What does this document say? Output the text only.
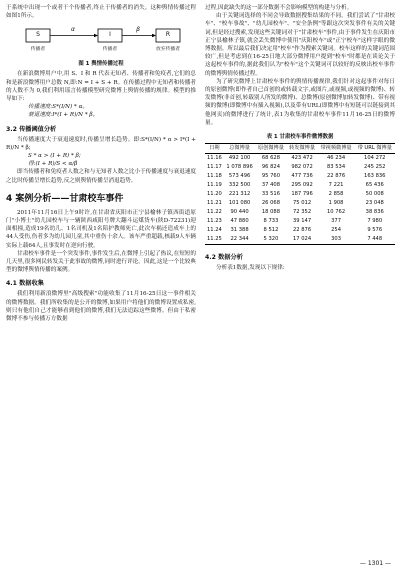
于系统中出现一个或者干个传播者,终止于传播者的消失。这种舆情传播过程如图1所示。

S	I	R
α	β
传播者	传播者	放弃传播者
图 1 舆情传播过程

在新浪微博用户中,用 S、I 和 R 代表无知者、传播者和免疫者,它们的总和是新浪微博用户总数 N,即:N = I + S + R。在传播过程中无知者和传播者的人数不为 0,我们利用谣言传播模型研究微博上舆情传播的规律。模型的推导如下:

传播速度:S*(I/N) * α。

衰退速度:I*(I + R)/N * β。

3.2 传播阈值分析

当传播速度大于衰退速度时,传播呈增长趋势。即:S*(I/N) * α > I*(I + R)/N * β;

S * α > (I + R) * β;

得:(I + R)/S < α/β

即当传播者和免疫者人数之和与无知者人数之比小于传播速度与衰退速度之比时传播呈增长趋势,反之则舆情传播呈消退趋势。

4 案例分析——甘肃校车事件

2011年11月16日上午9时许,在甘肃省庆阳市正宁县榆林子镇西街道原门"小博士"幼儿园校车与一辆陕西咸阳号牌大翻斗运煤货车(陕D-72231)迎面相撞,造成19名幼儿、1名司机及1名陪护教师死亡,此次车祸还造成车上的44人受伤,伤者多为幼儿园儿童,其中重伤十余人。该车严重超载,核载9人车辆实际上载64人,且事发时在逆向行驶。

甘肃校车事件是一个突发事件,事件发生后,在微博上引起了热议,在短短的几天里,很多网民转发关于此事故的微博,同时进行评论。因此,这是一个比较典型的微博舆情传播的案例。

4.1 数据收集

我们利用新浪微博里"高级搜索"功能收集了11月16-25日这一事件相关的微博数据。我们所收集的是公开的微博,如果用户将他们的微博设置成私密,则只有他们自己才能够看到他们的微博,我们无法追踪这些微博。但由于私密微博不参与传播万方数据

过程,因此缺失的这一部分数据不会影响模型的构建与分析。

由于关键词选择的不同会导致数据搜集结果的不同。我们尝试了"甘肃校车"、"校车事故"、"幼儿园校车"、"安全条例"等跟这次突发事件有关的关键词,但是经过搜索,发现这些关键词对于"甘肃校车"事件,由于事件发生在庆阳市正宁县榆林子镇,就会丢失微博中使用"庆阳校车"或"正宁校车"这样字眼的微博数据。所以最后我们决定用"校车"作为搜索关键词。校车这样的关键词范围较广,但是考虑到在16-25日地大部分微博用户提到"校车"时都是在谈论关于这起校车事件的,据此我们认为"校车"这个关键词可以较好的反映出校车事件的微博舆情传播过程。

为了研究微博上甘肃校车事件的舆情传播规律,我们针对这起事件对每日的原创微博(即作者自己首创的或转载文字,或图片,或视频,或视频的微博)、转发微博(非首创,转载别人所发的微博)、总微博(原创微博加转发微博)、带有视频的微博(即微博中有插入视频),以及带有URL(即微博中有短链可以链接到其他网页)的微博进行了统计,表1为收集的甘肃校车事件11月16-25日的微博量。

表 1 甘肃校车事件微博数据
日期	总微博量	原创微博量	转发微博量	带视频微博量	带 URL 微博量
11.16	492 100	68 628	423 472	46 234	104 272
11.17	1 078 896	96 824	982 072	83 534	245 252
11.18	573 496	95 760	477 736	22 876	163 836
11.19	332 500	37 408	295 092	7 221	65 436
11.20	221 312	33 516	187 796	2 858	50 008
11.21	101 080	26 068	75 012	1 908	23 048
11.22	90 440	18 088	72 352	10 762	38 836
11.23	47 880	8 733	39 147	377	7 980
11.24	31 388	8 512	22 876	254	9 576
11.25	22 344	5 320	17 024	303	7 448
4.2 数据分析

分析表1数据,发现以下规律:

— 1301 —
